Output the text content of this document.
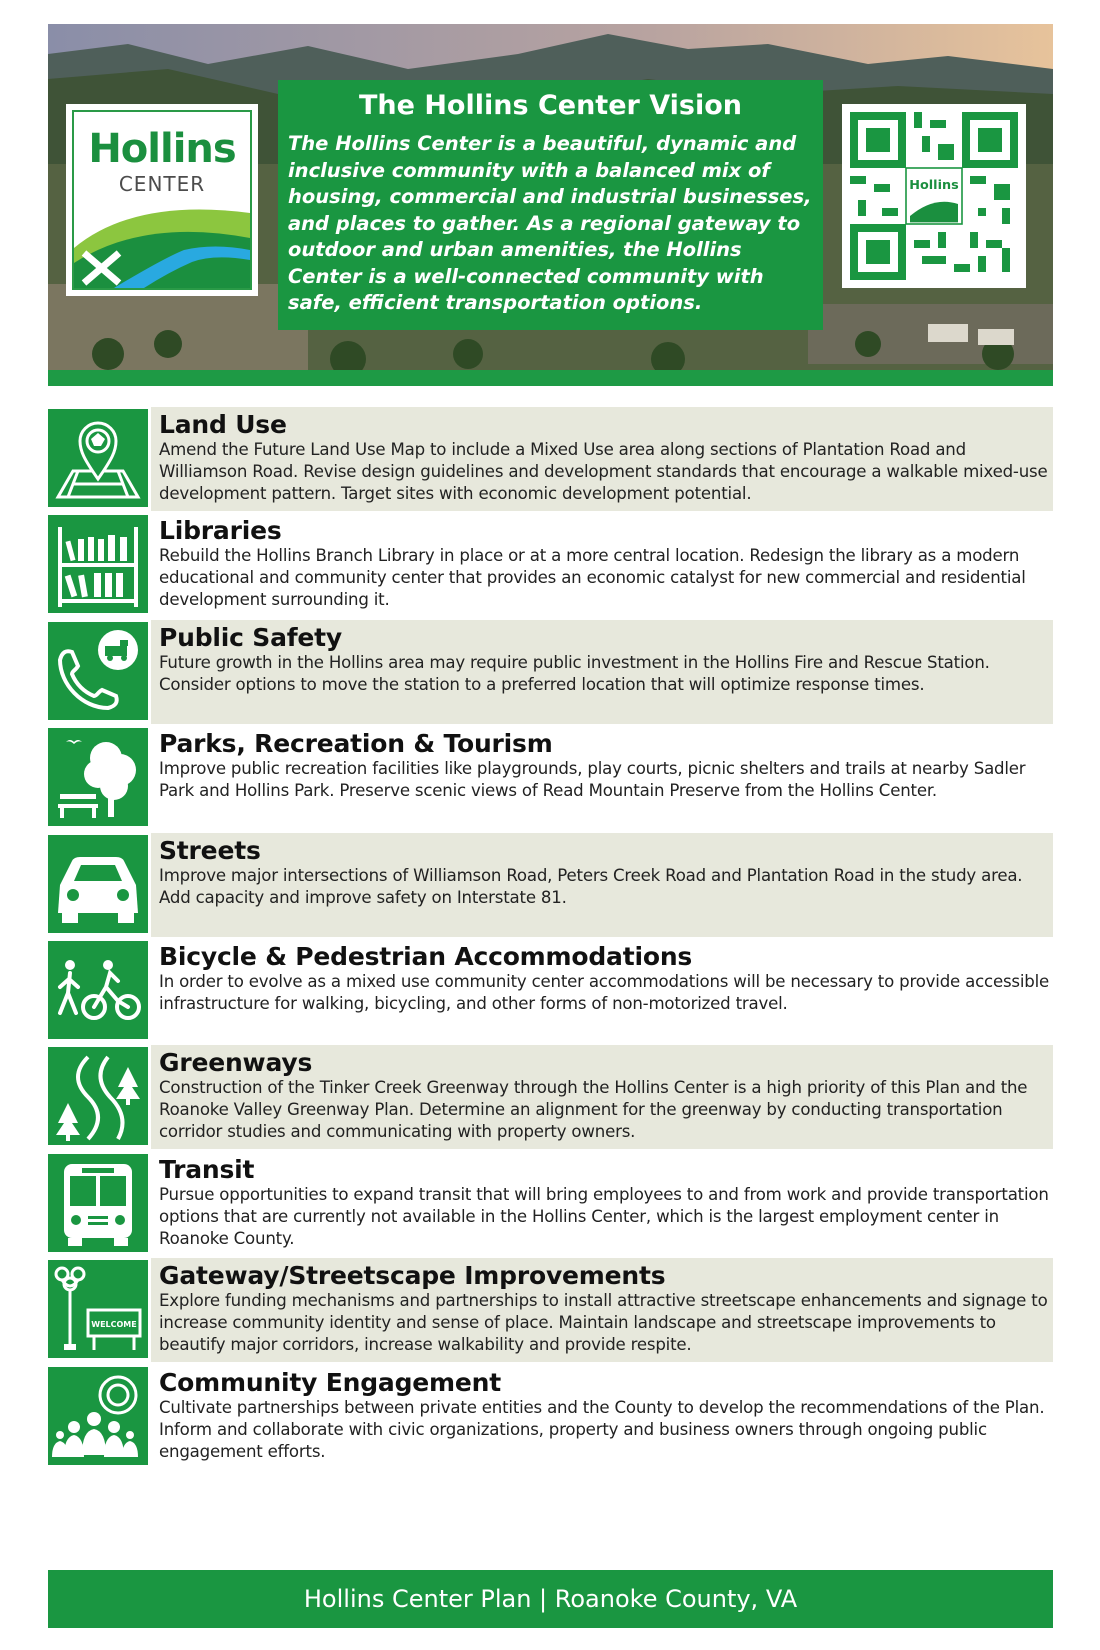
Hollins
CENTER
The Hollins Center Vision

The Hollins Center is a beautiful, dynamic and inclusive community with a balanced mix of housing, commercial and industrial businesses, and places to gather. As a regional gateway to outdoor and urban amenities, the Hollins Center is a well-connected community with safe, efficient transportation options.

Hollins
Land Use

Amend the Future Land Use Map to include a Mixed Use area along sections of Plantation Road and Williamson Road. Revise design guidelines and development standards that encourage a walkable mixed-use development pattern. Target sites with economic development potential.

Libraries

Rebuild the Hollins Branch Library in place or at a more central location. Redesign the library as a modern educational and community center that provides an economic catalyst for new commercial and residential development surrounding it.

Public Safety

Future growth in the Hollins area may require public investment in the Hollins Fire and Rescue Station. Consider options to move the station to a preferred location that will optimize response times.

Parks, Recreation & Tourism

Improve public recreation facilities like playgrounds, play courts, picnic shelters and trails at nearby Sadler Park and Hollins Park. Preserve scenic views of Read Mountain Preserve from the Hollins Center.

Streets

Improve major intersections of Williamson Road, Peters Creek Road and Plantation Road in the study area. Add capacity and improve safety on Interstate 81.

Bicycle & Pedestrian Accommodations

In order to evolve as a mixed use community center accommodations will be necessary to provide accessible infrastructure for walking, bicycling, and other forms of non-motorized travel.

Greenways

Construction of the Tinker Creek Greenway through the Hollins Center is a high priority of this Plan and the Roanoke Valley Greenway Plan. Determine an alignment for the greenway by conducting transportation corridor studies and communicating with property owners.

Transit

Pursue opportunities to expand transit that will bring employees to and from work and provide transportation options that are currently not available in the Hollins Center, which is the largest employment center in Roanoke County.

WELCOME
Gateway/Streetscape Improvements

Explore funding mechanisms and partnerships to install attractive streetscape enhancements and signage to increase community identity and sense of place. Maintain landscape and streetscape improvements to beautify major corridors, increase walkability and provide respite.

Community Engagement

Cultivate partnerships between private entities and the County to develop the recommendations of the Plan. Inform and collaborate with civic organizations, property and business owners through ongoing public engagement efforts.

Hollins Center Plan | Roanoke County, VA
